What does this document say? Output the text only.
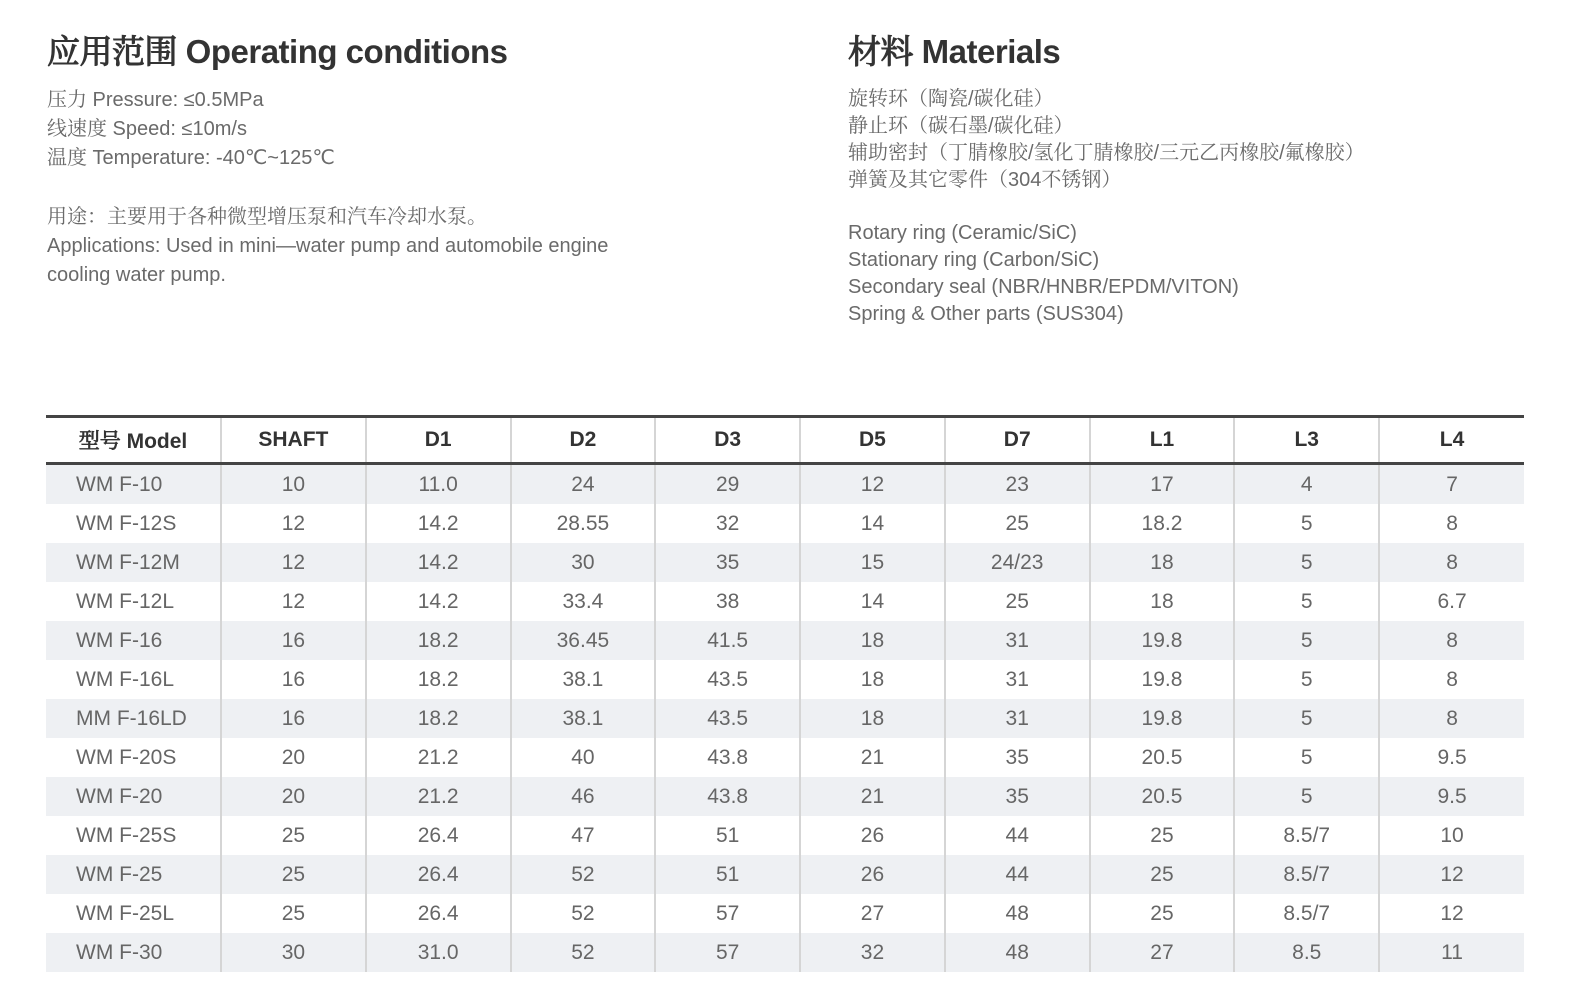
应用范围 Operating conditions
压力 Pressure: ≤0.5MPa
线速度 Speed: ≤10m/s
温度 Temperature: -40℃~125℃
用途：主要用于各种微型增压泵和汽车冷却水泵。
Applications: Used in mini—water pump and automobile engine
cooling water pump.
材料 Materials
旋转环（陶瓷/碳化硅）
静止环（碳石墨/碳化硅）
辅助密封（丁腈橡胶/氢化丁腈橡胶/三元乙丙橡胶/氟橡胶）
弹簧及其它零件（304不锈钢）
Rotary ring (Ceramic/SiC)
Stationary ring (Carbon/SiC)
Secondary seal (NBR/HNBR/EPDM/VITON)
Spring & Other parts (SUS304)
型号 Model	SHAFT	D1	D2	D3	D5	D7	L1	L3	L4
WM F-10	10	11.0	24	29	12	23	17	4	7
WM F-12S	12	14.2	28.55	32	14	25	18.2	5	8
WM F-12M	12	14.2	30	35	15	24/23	18	5	8
WM F-12L	12	14.2	33.4	38	14	25	18	5	6.7
WM F-16	16	18.2	36.45	41.5	18	31	19.8	5	8
WM F-16L	16	18.2	38.1	43.5	18	31	19.8	5	8
MM F-16LD	16	18.2	38.1	43.5	18	31	19.8	5	8
WM F-20S	20	21.2	40	43.8	21	35	20.5	5	9.5
WM F-20	20	21.2	46	43.8	21	35	20.5	5	9.5
WM F-25S	25	26.4	47	51	26	44	25	8.5/7	10
WM F-25	25	26.4	52	51	26	44	25	8.5/7	12
WM F-25L	25	26.4	52	57	27	48	25	8.5/7	12
WM F-30	30	31.0	52	57	32	48	27	8.5	11
